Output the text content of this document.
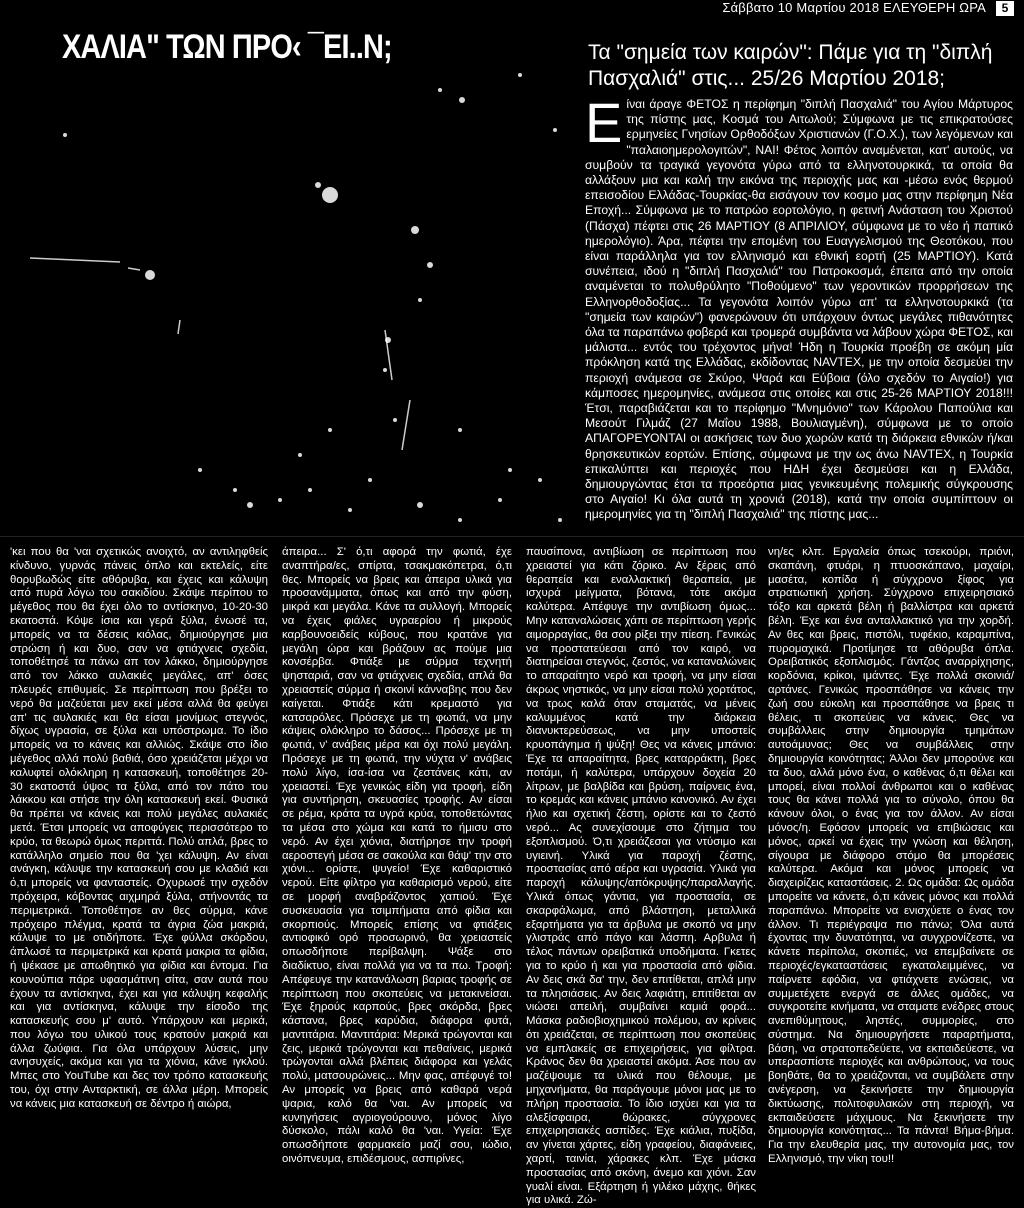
Σάββατο 10 Μαρτίου 2018 ΕΛΕΥΘΕΡΗ ΩΡΑ	5
ΧΑΛΙΑ" ΤΩΝ ΠΡΟ‹ ¯ΕΙ..Ν;	Τα "σημεία των καιρών": Πάμε για τη "διπλή Πασχαλιά" στις... 25/26 Μαρτίου 2018;

Είναι άραγε ΦΕΤΟΣ η περίφημη "διπλή Πασχαλιά" του Αγίου Μάρτυρος της πίστης μας, Κοσμά του Αιτωλού; Σύμφωνα με τις επικρατούσες ερμηνείες Γνησίων Ορθοδόξων Χριστιανών (Γ.Ο.Χ.), των λεγόμενων και "παλαιοημερολογιτών", ΝΑΙ! Φέτος λοιπόν αναμένεται, κατ' αυτούς, να συμβούν τα τραγικά γεγονότα γύρω από τα ελληνοτουρκικά, τα οποία θα αλλάξουν μια και καλή την εικόνα της περιοχής μας και -μέσω ενός θερμού επεισοδίου Ελλάδας-Τουρκίας-θα εισάγουν τον κοσμο μας στην περίφημη Νέα Εποχή... Σύμφωνα με το πατρώο εορτολόγιο, η φετινή Ανάσταση του Χριστού (Πάσχα) πέφτει στις 26 ΜΑΡΤΙΟΥ (8 ΑΠΡΙΛΙΟΥ, σύμφωνα με το νέο ή παπικό ημερολόγιο). Άρα, πέφτει την επομένη του Ευαγγελισμού της Θεοτόκου, που είναι παράλληλα για τον ελληνισμό και εθνική εορτή (25 ΜΑΡΤΙΟΥ). Κατά συνέπεια, ιδού η "διπλή Πασχαλιά" του Πατροκοσμά, έπειτα από την οποία αναμένεται το πολυθρύλητο "Ποθούμενο" των γεροντικών προρρήσεων της Ελληνορθοδοξίας... Τα γεγονότα λοιπόν γύρω απ' τα ελληνοτουρκικά (τα "σημεία των καιρών") φανερώνουν ότι υπάρχουν όντως μεγάλες πιθανότητες όλα τα παραπάνω φοβερά και τρομερά συμβάντα να λάβουν χώρα ΦΕΤΟΣ, και μάλιστα... εντός του τρέχοντος μήνα! Ήδη η Τουρκία προέβη σε ακόμη μία πρόκληση κατά της Ελλάδας, εκδίδοντας NAVTEX, με την οποία δεσμεύει την περιοχή ανάμεσα σε Σκύρο, Ψαρά και Εύβοια (όλο σχεδόν το Αιγαίο!) για κάμποσες ημερομηνίες, ανάμεσα στις οποίες και στις 25-26 ΜΑΡΤΙΟΥ 2018!!! Έτσι, παραβιάζεται και το περίφημο "Μνημόνιο" των Κάρολου Παπούλια και Μεσούτ Γιλμάζ (27 Μαΐου 1988, Βουλιαγμένη), σύμφωνα με το οποίο ΑΠΑΓΟΡΕΥΟΝΤΑΙ οι ασκήσεις των δυο χωρών κατά τη διάρκεια εθνικών ή/και θρησκευτικών εορτών. Επίσης, σύμφωνα με την ως άνω NAVTEX, η Τουρκία επικαλύπτει και περιοχές που ΗΔΗ έχει δεσμεύσει και η Ελλάδα, δημιουργώντας έτσι τα προεόρτια μιας γενικευμένης πολεμικής σύγκρουσης στο Αιγαίο! Κι όλα αυτά τη χρονιά (2018), κατά την οποία συμπίπτουν οι ημερομηνίες για τη "διπλή Πασχαλιά" της πίστης μας...

'κει που θα 'ναι σχετικώς ανοιχτό, αν αντιληφθείς κίνδυνο, γυρνάς πάνεις όπλο και εκτελείς, είτε θορυβωδώς είτε αθόρυβα, και έχεις και κάλυψη από πυρά λόγω του σακιδίου. Σκάψε περίπου το μέγεθος που θα έχει όλο το αντίσκηνο, 10-20-30 εκατοστά. Κόψε ίσια και γερά ξύλα, ένωσέ τα, μπορείς να τα δέσεις κιόλας, δημιούργησε μια στρώση ή και δυο, σαν να φτιάχνεις σχεδία, τοποθέτησέ τα πάνω απ τον λάκκο, δημιούργησε από τον λάκκο αυλακιές μεγάλες, απ' όσες πλευρές επιθυμείς. Σε περίπτωση που βρέξει το νερό θα μαζεύεται μεν εκεί μέσα αλλά θα φεύγει απ' τις αυλακιές και θα είσαι μονίμως στεγνός, δίχως υγρασία, σε ξύλα και υπόστρωμα. Το ίδιο μπορείς να το κάνεις και αλλιώς. Σκάψε στο ίδιο μέγεθος αλλά πολύ βαθιά, όσο χρειάζεται μέχρι να καλυφτεί ολόκληρη η κατασκευή, τοποθέτησε 20-30 εκατοστά ύψος τα ξύλα, από τον πάτο του λάκκου και στήσε την όλη κατασκευή εκεί. Φυσικά θα πρέπει να κάνεις και πολύ μεγάλες αυλακιές μετά. Έτσι μπορείς να αποφύγεις περισσότερο το κρύο, τα θεωρώ όμως περιττά. Πολύ απλά, βρες το κατάλληλο σημείο που θα 'χει κάλυψη. Αν είναι ανάγκη, κάλυψε την κατασκευή σου με κλαδιά και ό,τι μπορείς να φανταστείς. Οχυρωσέ την σχεδόν πρόχειρα, κόβοντας αιχμηρά ξύλα, στήνοντάς τα περιμετρικά. Τοποθέτησε αν θες σύρμα, κάνε πρόχειρο πλέγμα, κρατά τα άγρια ζώα μακριά, κάλυψε το με οτιδήποτε. Έχε φύλλα σκόρδου, άπλωσέ τα περιμετρικά και κρατά μακρια τα φίδια, ή ψέκασε με απωθητικό για φίδια και έντομα. Για κουνούπια πάρε υφασμάτινη σίτα, σαν αυτά που έχουν τα αντίσκηνα, έχει και για κάλυψη κεφαλής και για αντίσκηνα, κάλυψε την είσοδο της κατασκευής σου μ' αυτό. Υπάρχουν και μερικά, που λόγω του υλικού τους κρατούν μακριά και άλλα ζωύφια. Για όλα υπάρχουν λύσεις, μην ανησυχείς, ακόμα και για τα χιόνια, κάνε ιγκλού. Μπες στο YouTube και δες τον τρόπο κατασκευής του, όχι στην Ανταρκτική, σε άλλα μέρη. Μπορείς να κάνεις μια κατασκευή σε δέντρο ή αιώρα,

άπειρα... Σ' ό,τι αφορά την φωτιά, έχε αναπτήρα/ες, σπίρτα, τσακμακόπετρα, ό,τι θες. Μπορείς να βρεις και άπειρα υλικά για προσανάμματα, όπως και από την φύση, μικρά και μεγάλα. Κάνε τα συλλογή. Μπορείς να έχεις φιάλες υγραερίου ή μικρούς καρβουνοειδείς κύβους, που κρατάνε για μεγάλη ώρα και βράζουν ας πούμε μια κονσέρβα. Φτιάξε με σύρμα τεχνητή ψησταριά, σαν να φτιάχνεις σχεδία, απλά θα χρειαστείς σύρμα ή σκοινί κάνναβης που δεν καίγεται. Φτιάξε κάτι κρεμαστό για κατσαρόλες. Πρόσεχε με τη φωτιά, να μην κάψεις ολόκληρο το δάσος... Πρόσεχε με τη φωτιά, ν' ανάβεις μέρα και όχι πολύ μεγάλη. Πρόσεχε με τη φωτιά, την νύχτα ν' ανάβεις πολύ λίγο, ίσα-ίσα να ζεστάνεις κάτι, αν χρειαστεί. Έχε γενικώς είδη για τροφή, είδη για συντήρηση, σκευασίες τροφής. Αν είσαι σε ρέμα, κράτα τα υγρά κρύα, τοποθετώντας τα μέσα στο χώμα και κατά το ήμισυ στο νερό. Αν έχει χιόνια, διατήρησε την τροφή αεροστεγή μέσα σε σακούλα και θάψ' την στο χιόνι... ορίστε, ψυγείο! Έχε καθαριστικό νερού. Είτε φίλτρο για καθαρισμό νερού, είτε σε μορφή αναβράζοντος χαπιού. Έχε συσκευασία για τσιμπήματα από φίδια και σκορπιούς. Μπορείς επίσης να φτιάξεις αντιοφικό ορό προσωρινό, θα χρειαστείς οπωσδήποτε περίβαλψη. Ψάξε στο διαδίκτυο, είναι πολλά για να τα πω. Τροφή: Απέφευγε την κατανάλωση βαριας τροφής σε περίπτωση που σκοπεύεις να μετακινείσαι. Έχε ξηρούς καρπούς, βρες σκόρδα, βρες κάστανα, βρες καρύδια, διάφορα φυτά, μαντιτάρια. Μαντιτάρια: Μερικά τρώγονται και ζεις, μερικά τρώγονται και πεθαίνεις, μερικά τρώγονται αλλά βλέπεις διάφορα και γελάς πολύ, ματσουρώνεις... Μην φας, απέφυγέ το! Αν μπορείς να βρεις από καθαρά νερά ψαρια, καλό θα 'ναι. Αν μπορείς να κυνηγήσεις αγριογούρουνο, μόνος λίγο δύσκολο, πάλι καλό θα 'ναι. Υγεία: Έχε οπωσδήποτε φαρμακείο μαζί σου, ιώδιο, οινόπνευμα, επιδέσμους, ασπιρίνες,

παυσίπονα, αντιβίωση σε περίπτωση που χρειαστεί για κάτι ζόρικο. Αν ξέρεις από θεραπεία και εναλλακτική θεραπεία, με ισχυρά μείγματα, βότανα, τότε ακόμα καλύτερα. Απέφυγε την αντιβίωση όμως... Μην καταναλώσεις χάπι σε περίπτωση γερής αιμορραγίας, θα σου ρίξει την πίεση. Γενικώς να προστατεύεσαι από τον καιρό, να διατηρείσαι στεγνός, ζεστός, να καταναλώνεις το απαραίτητο νερό και τροφή, να μην είσαι άκρως νηστικός, να μην είσαι πολύ χορτάτος, να τρως καλά όταν σταματάς, να μένεις καλυμμένος κατά την διάρκεια διανυκτερεύσεως, να μην υποστείς κρυοπάγημα ή ψύξη! Θες να κάνεις μπάνιο: Έχε τα απαραίτητα, βρες καταρράκτη, βρες ποτάμι, ή καλύτερα, υπάρχουν δοχεία 20 λίτρων, με βαλβίδα και βρύση, παίρνεις ένα, το κρεμάς και κάνεις μπάνιο κανονικό. Αν έχει ήλιο και σχετική ζέστη, ορίστε και το ζεστό νερό... Ας συνεχίσουμε στο ζήτημα του εξοπλισμού. Ό,τι χρειάζεσαι για ντύσιμο και υγιεινή. Υλικά για παροχή ζέστης, προστασίας από αέρα και υγρασία. Υλικά για παροχή κάλυψης/απόκρυψης/παραλλαγής. Υλικά όπως γάντια, για προστασία, σε σκαρφάλωμα, από βλάστηση, μεταλλικά εξαρτήματα για τα άρβυλα με σκοπό να μην γλιστράς από πάγο και λάσπη. Αρβυλα ή τέλος πάντων ορειβατικά υποδήματα. Γκετες για το κρύο ή και για προστασία από φίδια. Αν δεις σκά δα' την, δεν επιτίθεται, απλά μην τα πλησιάσεις. Αν δεις λαφιάτη, επιτίθεται αν νιώσει απειλή, συμβαίνει καμιά φορά... Μάσκα ραδιοβιοχημικού πολέμου, αν κρίνεις ότι χρειάζεται, σε περίπτωση που σκοπεύεις να εμπλακείς σε επιχειρήσεις, για φίλτρα. Κράνος δεν θα χρειαστεί ακόμα. Άσε που αν μαζέψουμε τα υλικά που θέλουμε, με μηχανήματα, θα παράγουμε μόνοι μας με το πλήρη προστασία. Το ίδιο ισχύει και για τα αλεξίσφαιρα, θώρακες, σύγχρονες επιχειρησιακές ασπίδες. Έχε κιάλια, πυξίδα, αν γίνεται χάρτες, είδη γραφείου, διαφάνειες, χαρτί, ταινία, χάρακες κλπ. Έχε μάσκα προστασίας από σκόνη, άνεμο και χιόνι. Σαν γυαλί είναι. Εξάρτηση ή γιλέκο μάχης, θήκες για υλικά. Ζώ-

νη/ες κλπ. Εργαλεία όπως τσεκούρι, πριόνι, σκαπάνη, φτυάρι, η πτυοσκάπανο, μαχαίρι, μασέτα, κοπίδα ή σύγχρονο ξίφος για στρατιωτική χρήση. Σύγχρονο επιχειρησιακό τόξο και αρκετά βέλη ή βαλλίστρα και αρκετά βέλη. Έχε και ένα ανταλλακτικό για την χορδή. Αν θες και βρεις, πιστόλι, τυφέκιο, καραμπίνα, πυρομαχικά. Προτίμησε τα αθόρυβα όπλα. Ορειβατικός εξοπλισμός. Γάντζος αναρρίχησης, κορδόνια, κρίκοι, ιμάντες. Έχε πολλά σκοινιά/αρτάνες. Γενικώς προσπάθησε να κάνεις την ζωή σου εύκολη και προσπάθησε να βρεις τι θέλεις, τι σκοπεύεις να κάνεις. Θες να συμβάλλεις στην δημιουργία τμημάτων αυτοάμυνας; Θες να συμβάλλεις στην δημιουργία κοινότητας; Άλλοι δεν μπορούνε και τα δυο, αλλά μόνο ένα, ο καθένας ό,τι θέλει και μπορεί, είναι πολλοί άνθρωποι και ο καθένας τους θα κάνει πολλά για το σύνολο, όπου θα κάνουν όλοι, ο ένας για τον άλλον. Αν είσαι μόνος/η. Εφόσον μπορείς να επιβιώσεις και μόνος, αρκεί να έχεις την γνώση και θέληση, σίγουρα με διάφορο στόμο θα μπορέσεις καλύτερα. Ακόμα και μόνος μπορείς να διαχειρίζεις καταστάσεις. 2. Ως ομάδα: Ως ομάδα μπορείτε να κάνετε, ό,τι κάνεις μόνος και πολλά παραπάνω. Μπορείτε να ενισχύετε ο ένας τον άλλον. Τι περιέγραψα πιο πάνω; Όλα αυτά έχοντας την δυνατότητα, να συγχρονίζεστε, να κάνετε περίπολα, σκοπιές, να επεμβαίνετε σε περιοχές/εγκαταστάσεις εγκαταλειμμένες, να παίρνετε εφόδια, να φτιάχνετε ενώσεις, να συμμετέχετε ενεργά σε άλλες ομάδες, να συγκροτείτε κινήματα, να σταματε ενέδρες στους ανεπιθύμητους, ληστές, συμμορίες, στο σύστημα. Να δημιουργήσετε παραρτήματα, βάση, να στρατοπεδεύετε, να εκπαιδεύεστε, να υπερασπίστε περιοχές και ανθρώπους, να τους βοηθάτε, θα το χρειάζονται, να συμβάλετε στην ανέγερση, να ξεκινήσετε την δημιουργία δικτύωσης, πολιτοφυλακών στη περιοχή, να εκπαιδεύσετε μάχιμους. Να ξεκινήσετε την δημιουργία κοινότητας... Τα πάντα! Βήμα-βήμα. Για την ελευθερία μας, την αυτονομία μας, τον Ελληνισμό, την νίκη του!!
